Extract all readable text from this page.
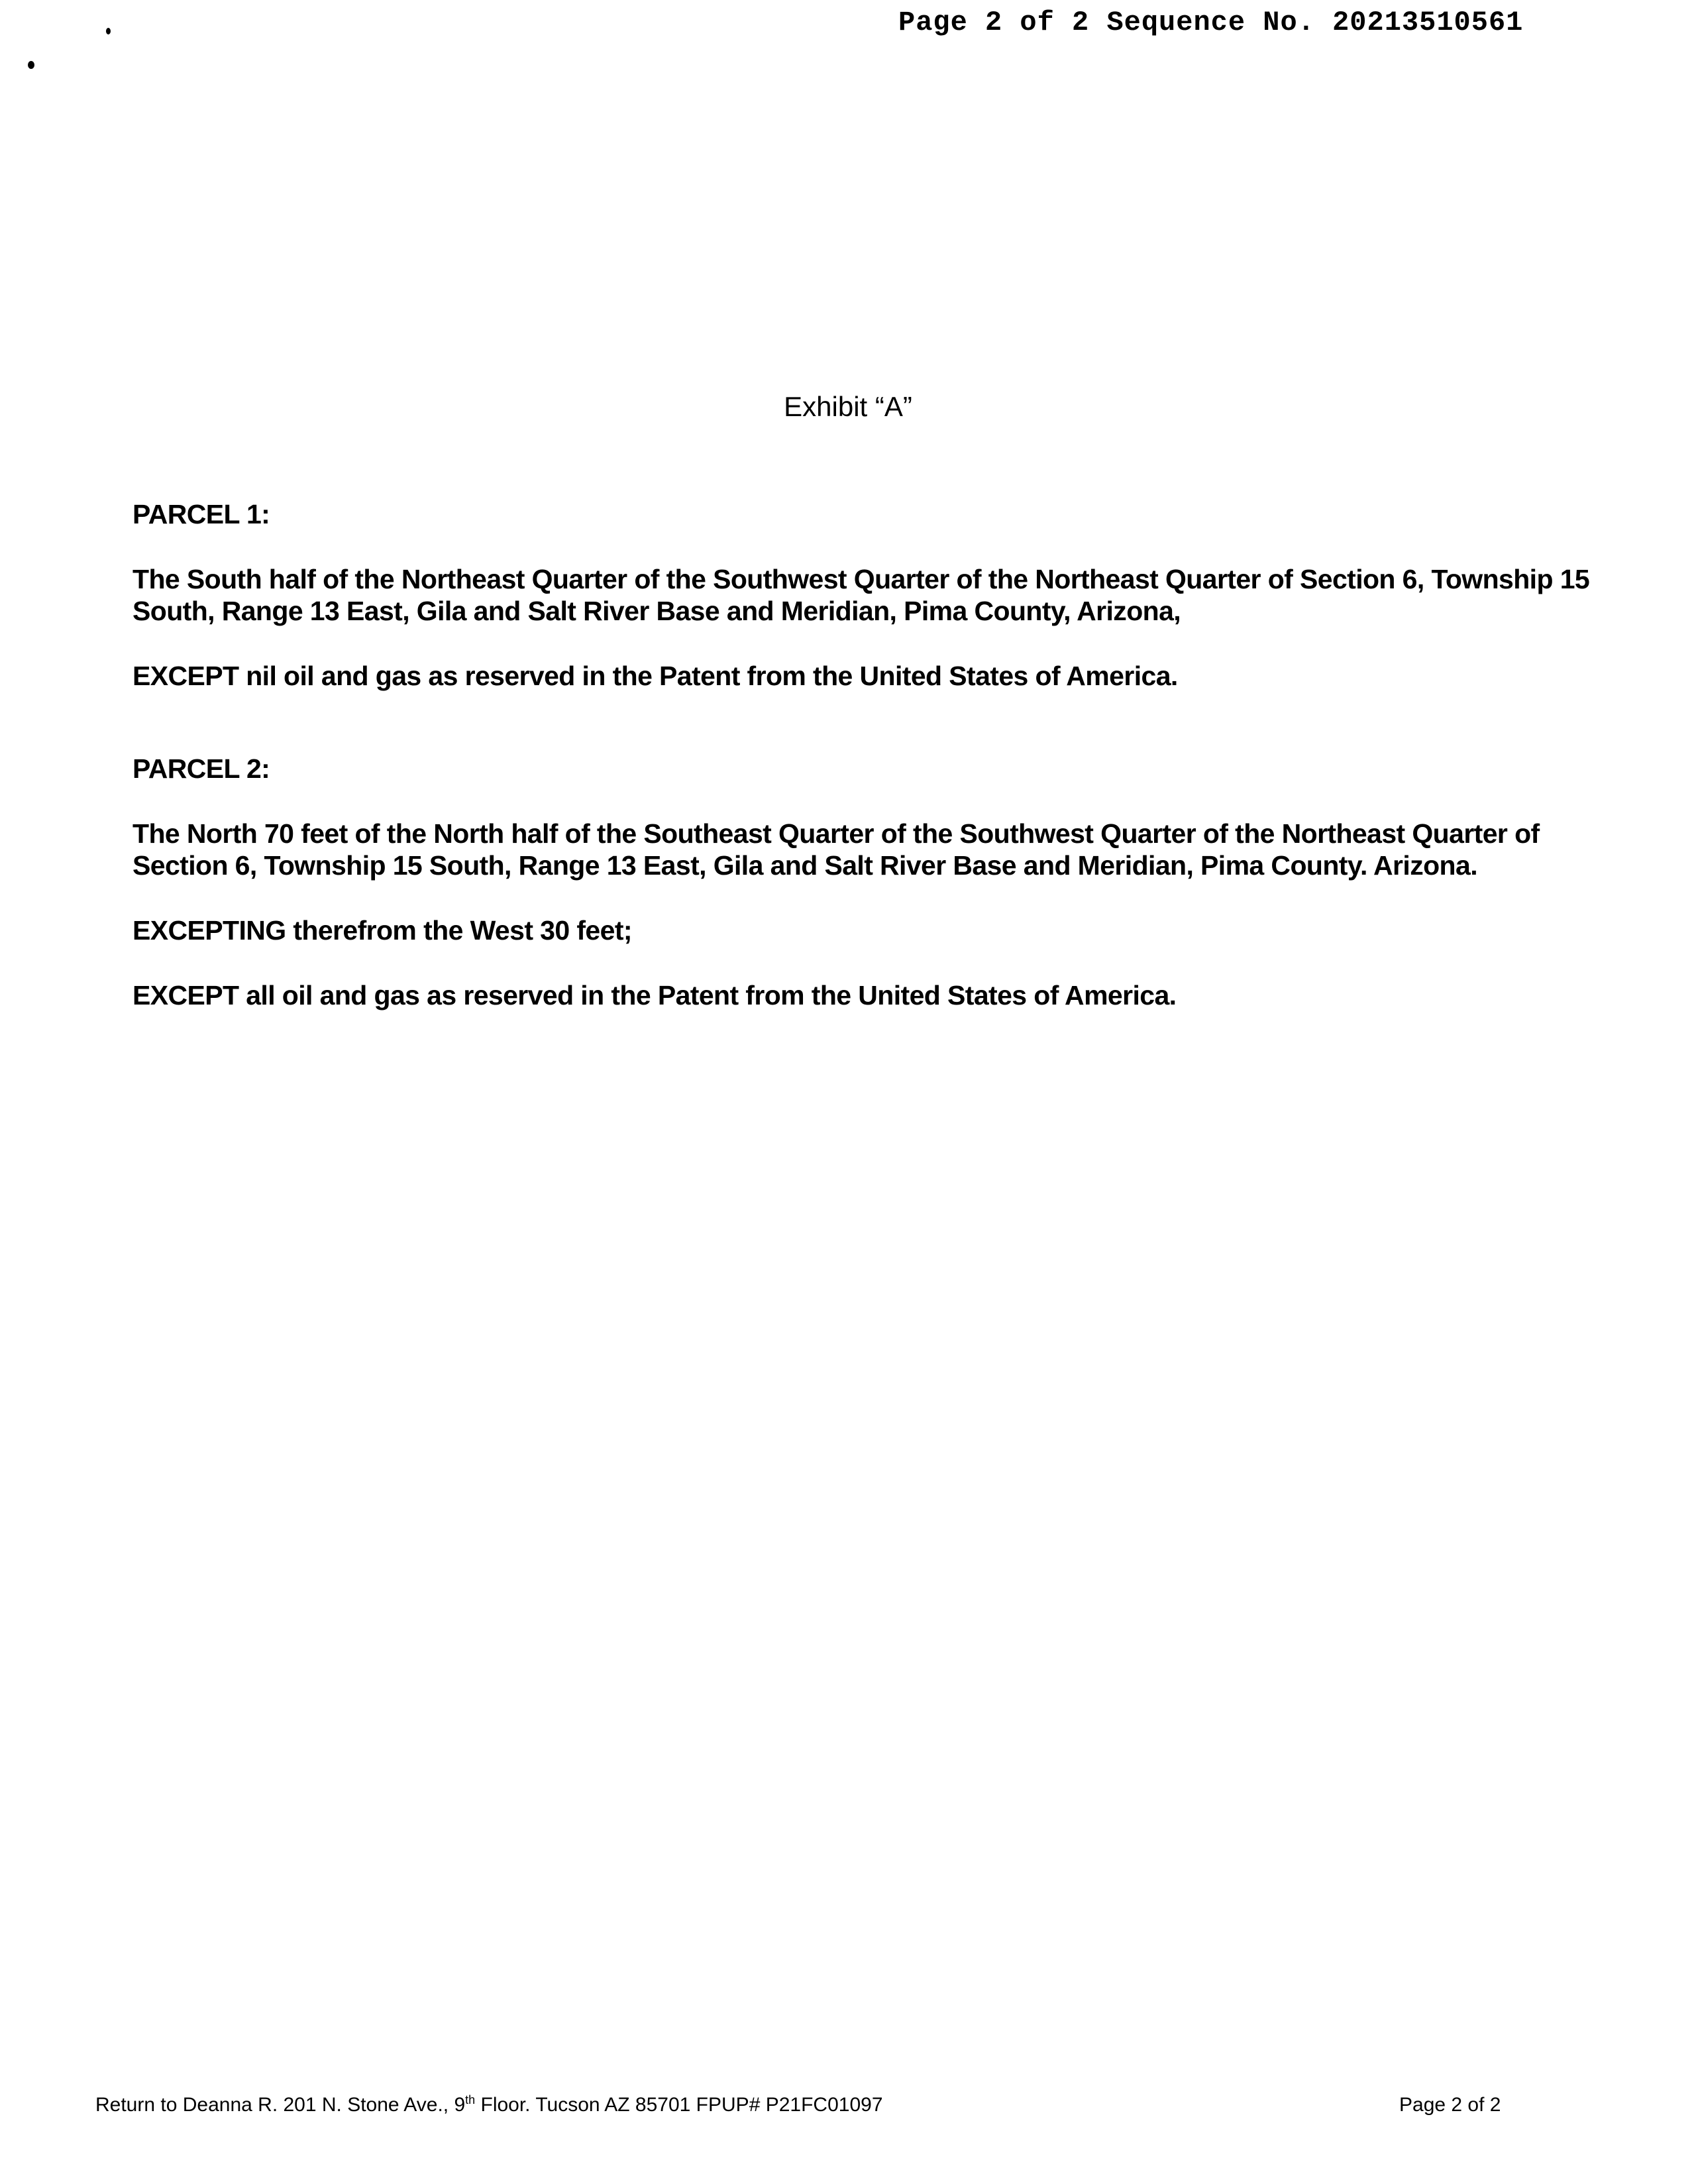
Page 2 of 2 Sequence No. 20213510561
Exhibit “A”

PARCEL 1:

The South half of the Northeast Quarter of the Southwest Quarter of the Northeast Quarter of Section 6, Township 15 South, Range 13 East, Gila and Salt River Base and Meridian, Pima County, Arizona,

EXCEPT nil oil and gas as reserved in the Patent from the United States of America.

PARCEL 2:

The North 70 feet of the North half of the Southeast Quarter of the Southwest Quarter of the Northeast Quarter of Section 6, Township 15 South, Range 13 East, Gila and Salt River Base and Meridian, Pima County. Arizona.

EXCEPTING therefrom the West 30 feet;

EXCEPT all oil and gas as reserved in the Patent from the United States of America.

Return to Deanna R. 201 N. Stone Ave., 9th Floor. Tucson AZ 85701 FPUP# P21FC01097	Page 2 of 2
